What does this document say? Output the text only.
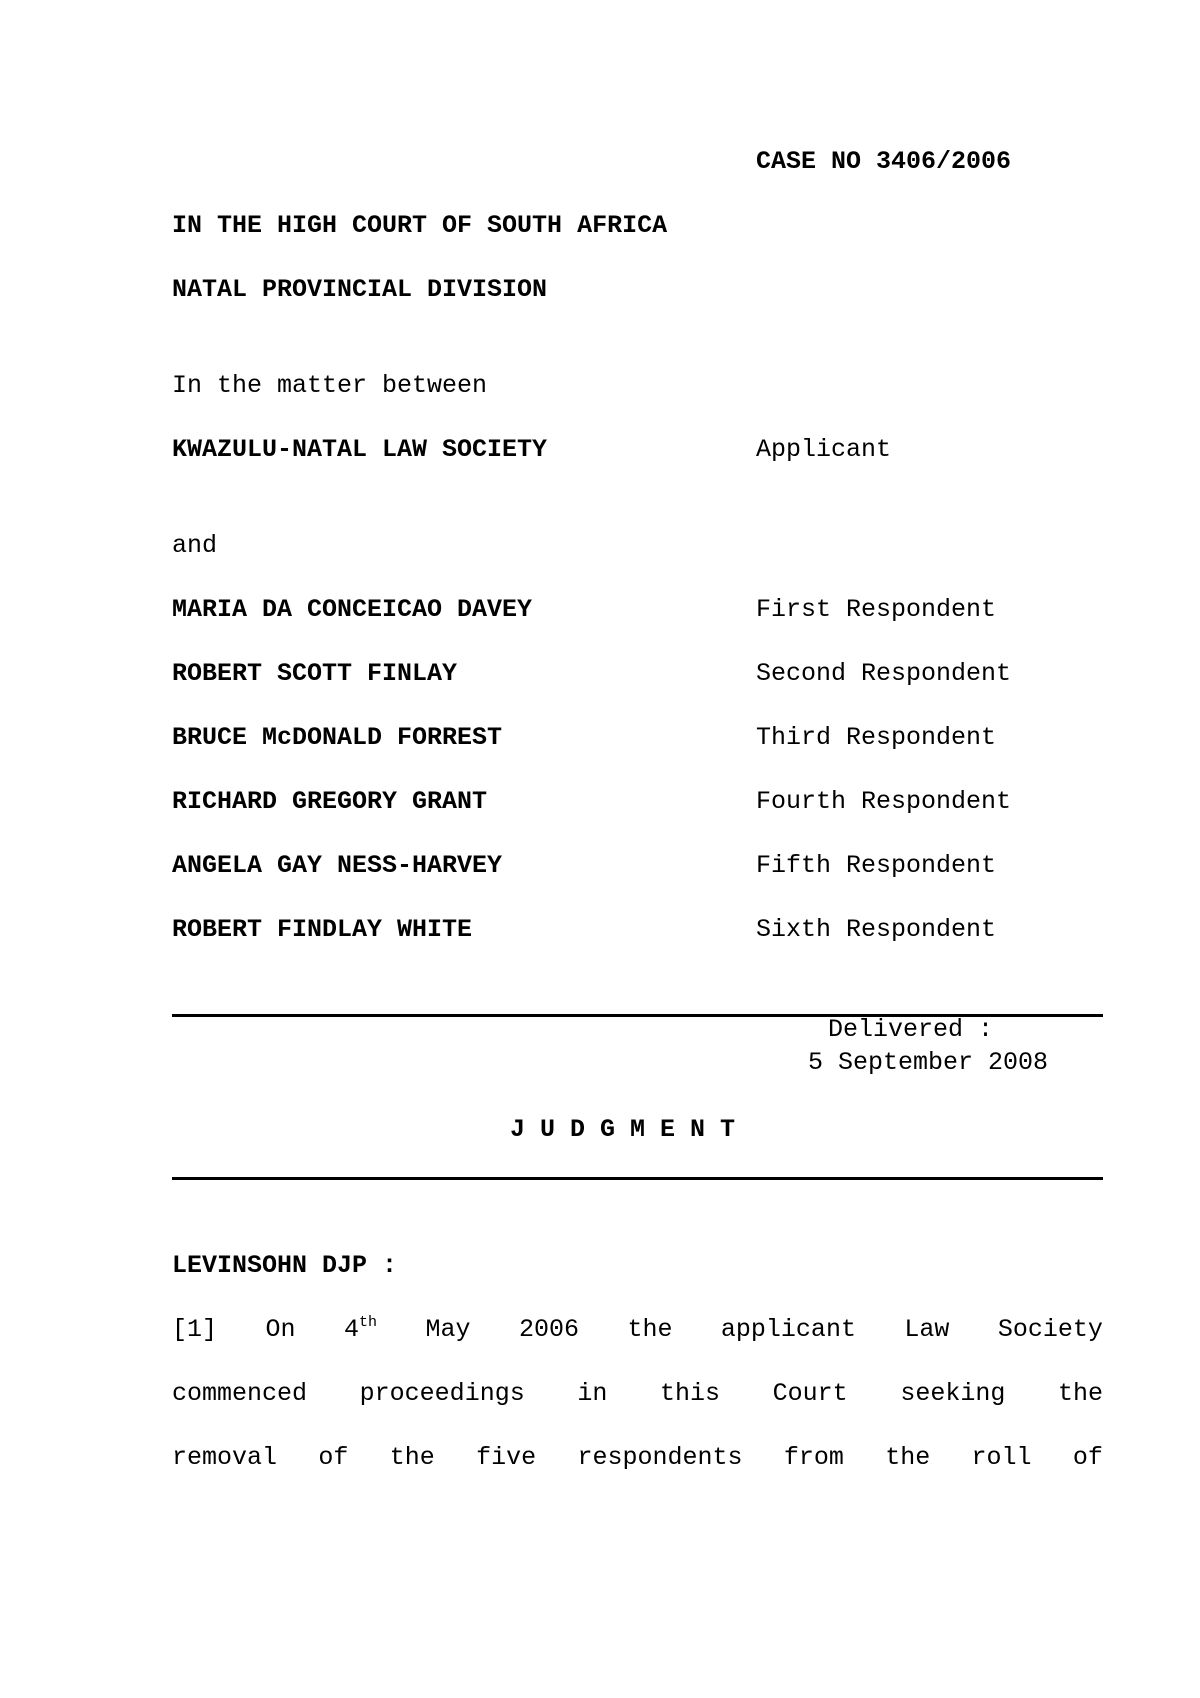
CASE NO 3406/2006
IN THE HIGH COURT OF SOUTH AFRICA
NATAL PROVINCIAL DIVISION
In the matter between
KWAZULU-NATAL LAW SOCIETY	Applicant
and
MARIA DA CONCEICAO DAVEY	First Respondent
ROBERT SCOTT FINLAY	Second Respondent
BRUCE McDONALD FORREST	Third Respondent
RICHARD GREGORY GRANT	Fourth Respondent
ANGELA GAY NESS-HARVEY	Fifth Respondent
ROBERT FINDLAY WHITE	Sixth Respondent
Delivered :
5 September 2008
J U D G M E N T
LEVINSOHN DJP :
[1] On 4th May 2006 the applicant Law Society
commenced proceedings in this Court seeking the
removal of the five respondents from the roll of
